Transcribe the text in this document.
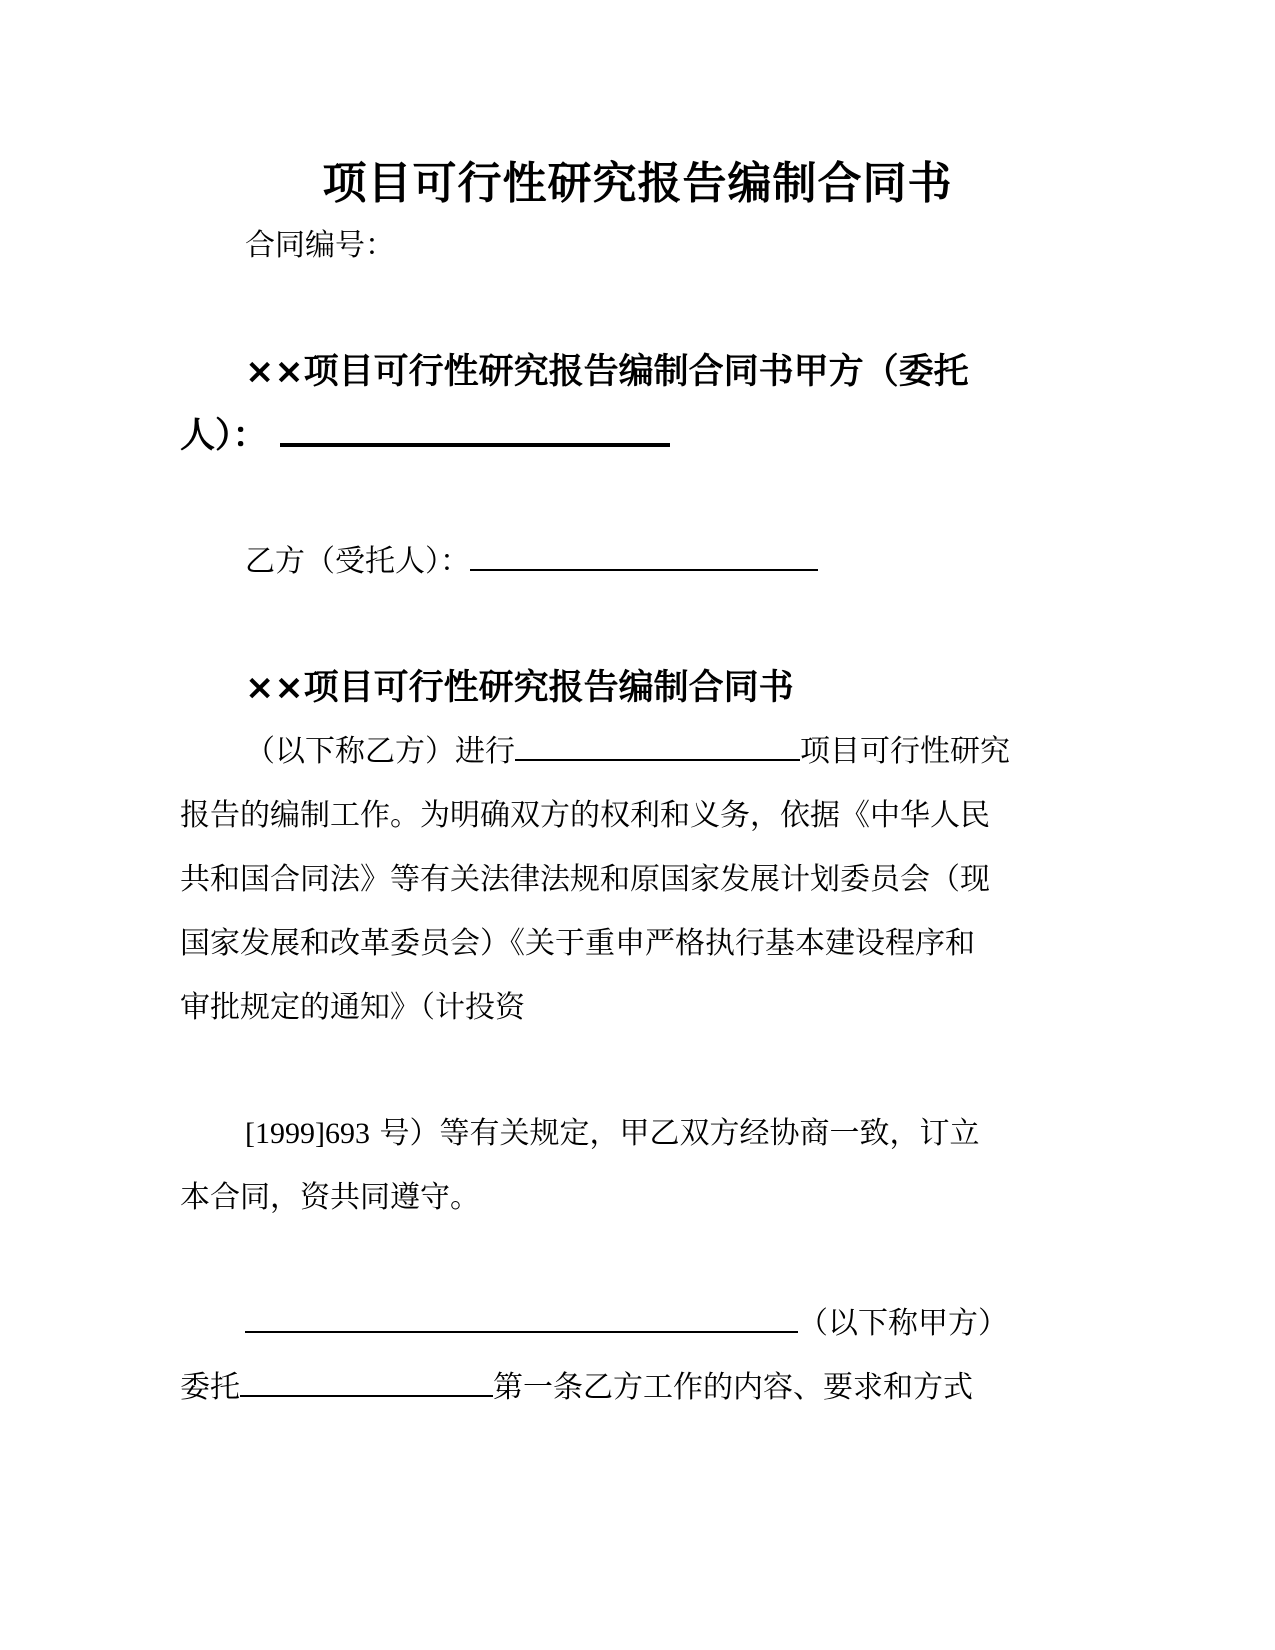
项目可行性研究报告编制合同书
合同编号：
××项目可行性研究报告编制合同书甲方（委托
人）：
乙方（受托人）：
××项目可行性研究报告编制合同书
（以下称乙方）进行	项目可行性研究
报告的编制工作。为明确双方的权利和义务，依据《中华人民
共和国合同法》等有关法律法规和原国家发展计划委员会（现
国家发展和改革委员会）《关于重申严格执行基本建设程序和
审批规定的通知》（计投资
[1999]693 号）等有关规定，甲乙双方经协商一致，订立
本合同，资共同遵守。
（以下称甲方）
委托	第一条乙方工作的内容、要求和方式
